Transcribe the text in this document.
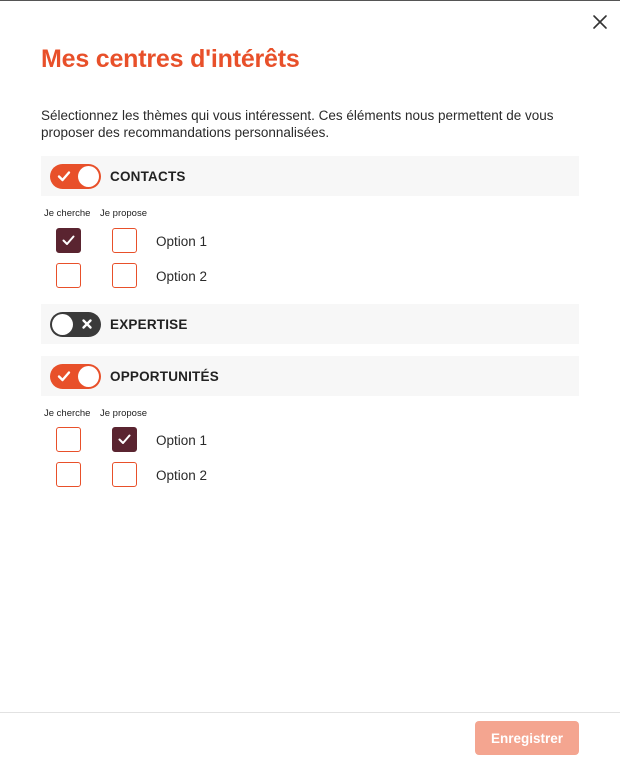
Mes centres d'intérêts

Sélectionnez les thèmes qui vous intéressent. Ces éléments nous permettent de vous proposer des recommandations personnalisées.

CONTACTS
Je cherche Je propose
Option 1
Option 2
EXPERTISE
OPPORTUNITÉS
Je cherche Je propose
Option 1
Option 2
Enregistrer
